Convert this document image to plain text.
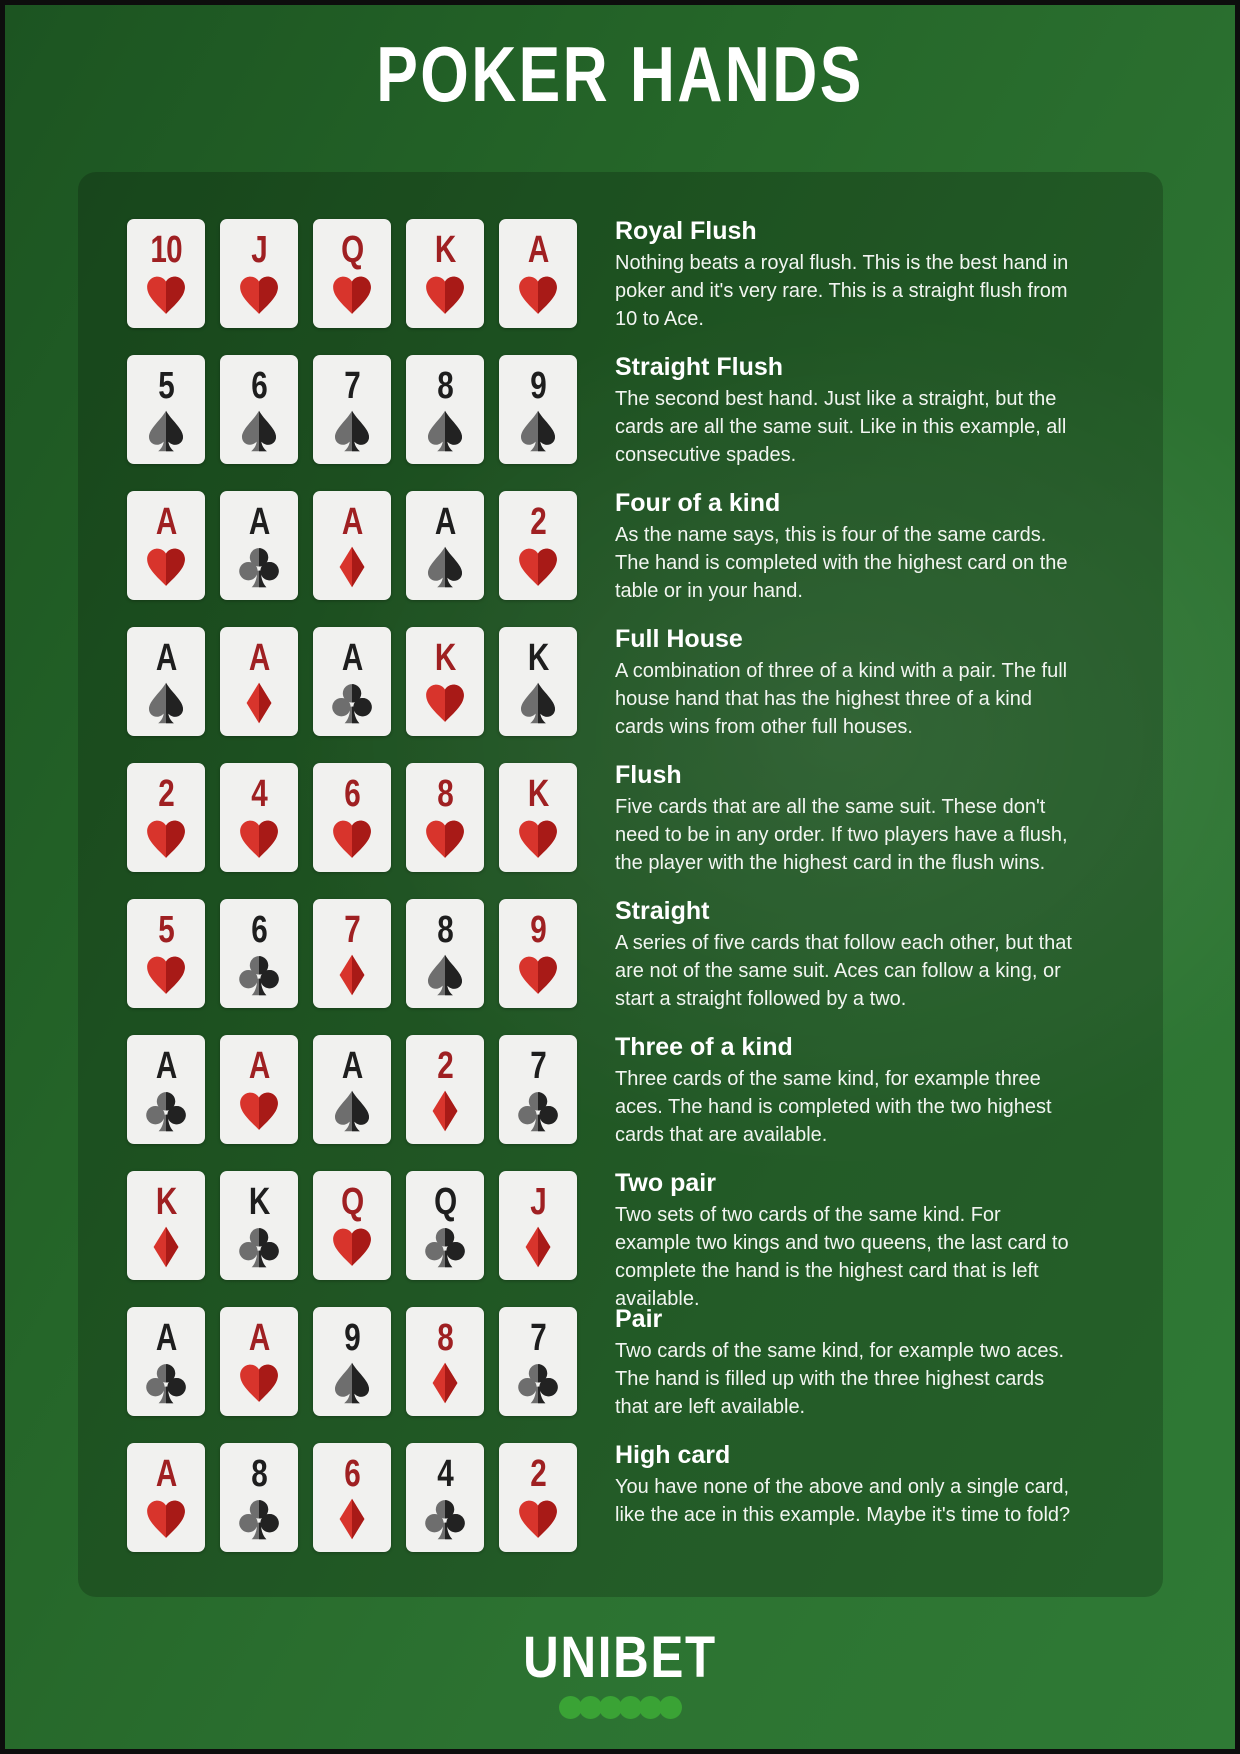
POKER HANDS
10 J Q K A	Royal Flush

Nothing beats a royal flush. This is the best hand in poker and it's very rare. This is a straight flush from 10 to Ace.

5 6 7 8 9	Straight Flush

The second best hand. Just like a straight, but the cards are all the same suit. Like in this example, all consecutive spades.

A A A A 2	Four of a kind

As the name says, this is four of the same cards. The hand is completed with the highest card on the table or in your hand.

A A A K K	Full House

A combination of three of a kind with a pair. The full house hand that has the highest three of a kind cards wins from other full houses.

2 4 6 8 K	Flush

Five cards that are all the same suit. These don't need to be in any order. If two players have a flush, the player with the highest card in the flush wins.

5 6 7 8 9	Straight

A series of five cards that follow each other, but that are not of the same suit. Aces can follow a king, or start a straight followed by a two.

A A A 2 7	Three of a kind

Three cards of the same kind, for example three aces. The hand is completed with the two highest cards that are available.

K K Q Q J	Two pair

Two sets of two cards of the same kind. For example two kings and two queens, the last card to complete the hand is the highest card that is left available.

A A 9 8 7	Pair

Two cards of the same kind, for example two aces. The hand is filled up with the three highest cards that are left available.

A 8 6 4 2	High card

You have none of the above and only a single card, like the ace in this example. Maybe it's time to fold?

UNIBET
